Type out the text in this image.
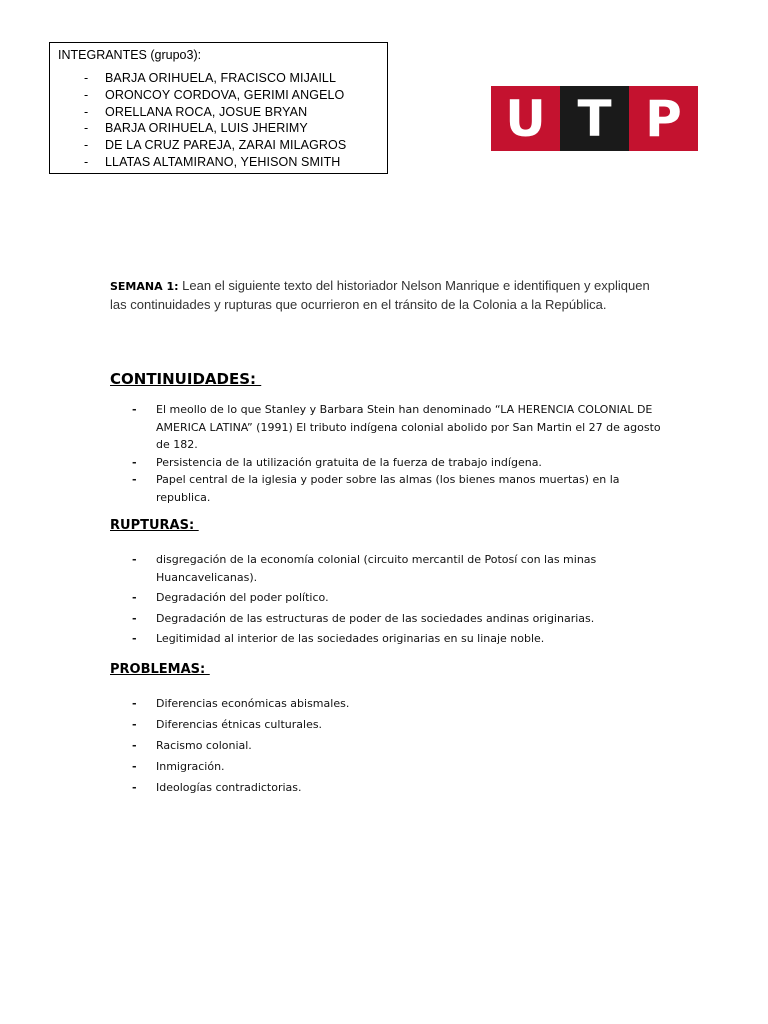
INTEGRANTES (grupo3):
- BARJA ORIHUELA, FRACISCO MIJAILL
- ORONCOY CORDOVA, GERIMI ANGELO
- ORELLANA ROCA, JOSUE BRYAN
- BARJA ORIHUELA, LUIS JHERIMY
- DE LA CRUZ PAREJA, ZARAI MILAGROS
- LLATAS ALTAMIRANO, YEHISON SMITH
U T P
SEMANA 1: Lean el siguiente texto del historiador Nelson Manrique e identifiquen y expliquen las continuidades y rupturas que ocurrieron en el tránsito de la Colonia a la República.
CONTINUIDADES:
- El meollo de lo que Stanley y Barbara Stein han denominado “LA HERENCIA COLONIAL DE AMERICA LATINA” (1991) El tributo indígena colonial abolido por San Martin el 27 de agosto de 182.
- Persistencia de la utilización gratuita de la fuerza de trabajo indígena.
- Papel central de la iglesia y poder sobre las almas (los bienes manos muertas) en la republica.
RUPTURAS:
- disgregación de la economía colonial (circuito mercantil de Potosí con las minas Huancavelicanas).
- Degradación del poder político.
- Degradación de las estructuras de poder de las sociedades andinas originarias.
- Legitimidad al interior de las sociedades originarias en su linaje noble.
PROBLEMAS:
- Diferencias económicas abismales.
- Diferencias étnicas culturales.
- Racismo colonial.
- Inmigración.
- Ideologías contradictorias.
